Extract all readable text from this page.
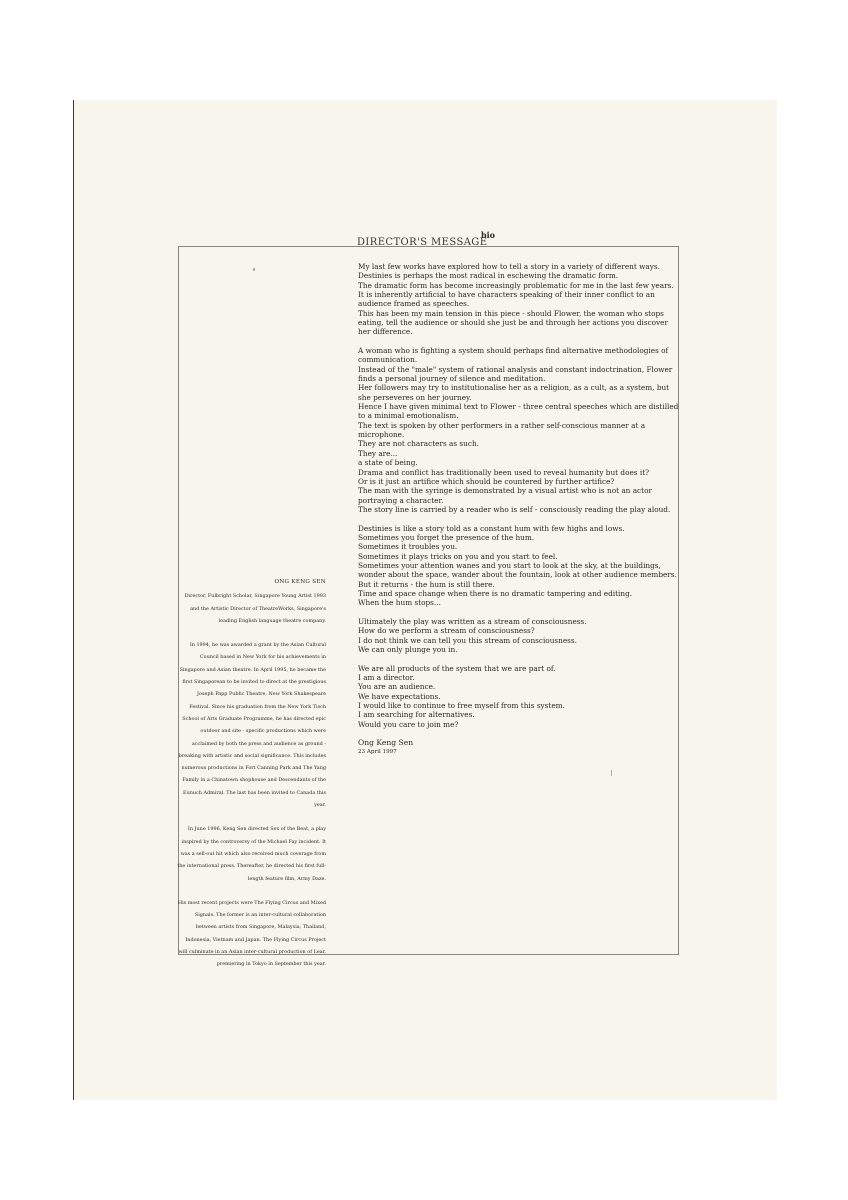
DIRECTOR'S MESSAGE
bio

My last few works have explored how to tell a story in a variety of different ways.
Destinies is perhaps the most radical in eschewing the dramatic form.
The dramatic form has become increasingly problematic for me in the last few years.
It is inherently artificial to have characters speaking of their inner conflict to an audience framed as speeches.
This has been my main tension in this piece - should Flower, the woman who stops eating, tell the audience or should she just be and through her actions you discover her difference.

A woman who is fighting a system should perhaps find alternative methodologies of communication.
Instead of the "male" system of rational analysis and constant indoctrination, Flower finds a personal journey of silence and meditation.
Her followers may try to institutionalise her as a religion, as a cult, as a system, but she perseveres on her journey.
Hence I have given minimal text to Flower - three central speeches which are distilled to a minimal emotionalism.
The text is spoken by other performers in a rather self-conscious manner at a microphone.
They are not characters as such.
They are...
a state of being.
Drama and conflict has traditionally been used to reveal humanity but does it?
Or is it just an artifice which should be countered by further artifice?
The man with the syringe is demonstrated by a visual artist who is not an actor portraying a character.
The story line is carried by a reader who is self - consciously reading the play aloud.

Destinies is like a story told as a constant hum with few highs and lows.
Sometimes you forget the presence of the hum.
Sometimes it troubles you.
Sometimes it plays tricks on you and you start to feel.
Sometimes your attention wanes and you start to look at the sky, at the buildings, wonder about the space, wander about the fountain, look at other audience members.
But it returns - the hum is still there.
Time and space change when there is no dramatic tampering and editing.
When the hum stops...

Ultimately the play was written as a stream of consciousness.
How do we perform a stream of consciousness?
I do not think we can tell you this stream of consciousness.
We can only plunge you in.

We are all products of the system that we are part of.
I am a director.
You are an audience.
We have expectations.
I would like to continue to free myself from this system.
I am searching for alternatives.
Would you care to join me?

Ong Keng Sen
23 April 1997
ONG KENG SEN

Director, Fulbright Scholar, Singapore Young Artist 1993 and the Artistic Director of TheatreWorks, Singapore's leading English language theatre company.

In 1994, he was awarded a grant by the Asian Cultural Council based in New York for his achievements in Singapore and Asian theatre. In April 1995, he became the first Singaporean to be invited to direct at the prestigious Joseph Papp Public Theatre, New York Shakespeare Festival. Since his graduation from the New York Tisch School of Arts Graduate Programme, he has directed epic outdoor and site - specific productions which were acclaimed by both the press and audience as ground - breaking with artistic and social significance. This includes numerous productions in Fort Canning Park and The Yang Family in a Chinatown shophouse and Descendants of the Eunuch Admiral. The last has been invited to Canada this year.

In June 1996, Keng Sen directed Sex of the Beat, a play inspired by the controversy of the Michael Fay incident. It was a sell-out hit which also received much coverage from the international press. Thereafter, he directed his first full-length feature film, Army Daze.

His most recent projects were The Flying Circus and Mixed Signals. The former is an inter-cultural collaboration between artists from Singapore, Malaysia, Thailand, Indonesia, Vietnam and Japan. The Flying Circus Project will culminate in an Asian inter-cultural production of Lear, premiering in Tokyo in September this year.
